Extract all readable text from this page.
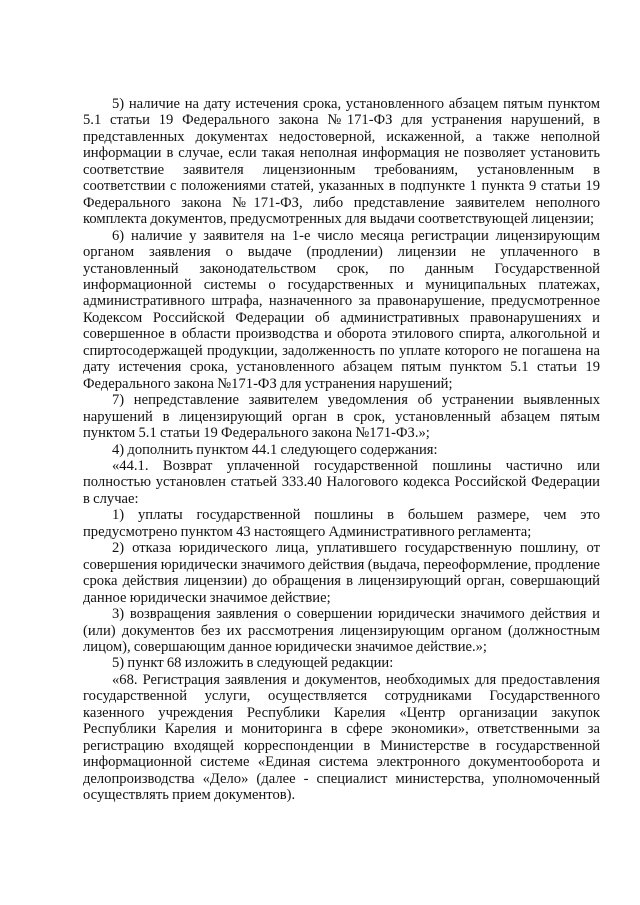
5) наличие на дату истечения срока, установленного абзацем пятым пунктом 5.1 статьи 19 Федерального закона №171-ФЗ для устранения нарушений, в представленных документах недостоверной, искаженной, а также неполной информации в случае, если такая неполная информация не позволяет установить соответствие заявителя лицензионным требованиям, установленным в соответствии с положениями статей, указанных в подпункте 1 пункта 9 статьи 19 Федерального закона №171-ФЗ, либо представление заявителем неполного комплекта документов, предусмотренных для выдачи соответствующей лицензии;

6) наличие у заявителя на 1-е число месяца регистрации лицензирующим органом заявления о выдаче (продлении) лицензии не уплаченного в установленный законодательством срок, по данным Государственной информационной системы о государственных и муниципальных платежах, административного штрафа, назначенного за правонарушение, предусмотренное Кодексом Российской Федерации об административных правонарушениях и совершенное в области производства и оборота этилового спирта, алкогольной и спиртосодержащей продукции, задолженность по уплате которого не погашена на дату истечения срока, установленного абзацем пятым пунктом 5.1 статьи 19 Федерального закона №171-ФЗ для устранения нарушений;

7) непредставление заявителем уведомления об устранении выявленных нарушений в лицензирующий орган в срок, установленный абзацем пятым пунктом 5.1 статьи 19 Федерального закона №171-ФЗ.»;

4) дополнить пунктом 44.1 следующего содержания:

«44.1. Возврат уплаченной государственной пошлины частично или полностью установлен статьей 333.40 Налогового кодекса Российской Федерации в случае:

1) уплаты государственной пошлины в большем размере, чем это предусмотрено пунктом 43 настоящего Административного регламента;

2) отказа юридического лица, уплатившего государственную пошлину, от совершения юридически значимого действия (выдача, переоформление, продление срока действия лицензии) до обращения в лицензирующий орган, совершающий данное юридически значимое действие;

3) возвращения заявления о совершении юридически значимого действия и (или) документов без их рассмотрения лицензирующим органом (должностным лицом), совершающим данное юридически значимое действие.»;

5) пункт 68 изложить в следующей редакции:

«68. Регистрация заявления и документов, необходимых для предоставления государственной услуги, осуществляется сотрудниками Государственного казенного учреждения Республики Карелия «Центр организации закупок Республики Карелия и мониторинга в сфере экономики», ответственными за регистрацию входящей корреспонденции в Министерстве в государственной информационной системе «Единая система электронного документооборота и делопроизводства «Дело» (далее - специалист министерства, уполномоченный осуществлять прием документов).
